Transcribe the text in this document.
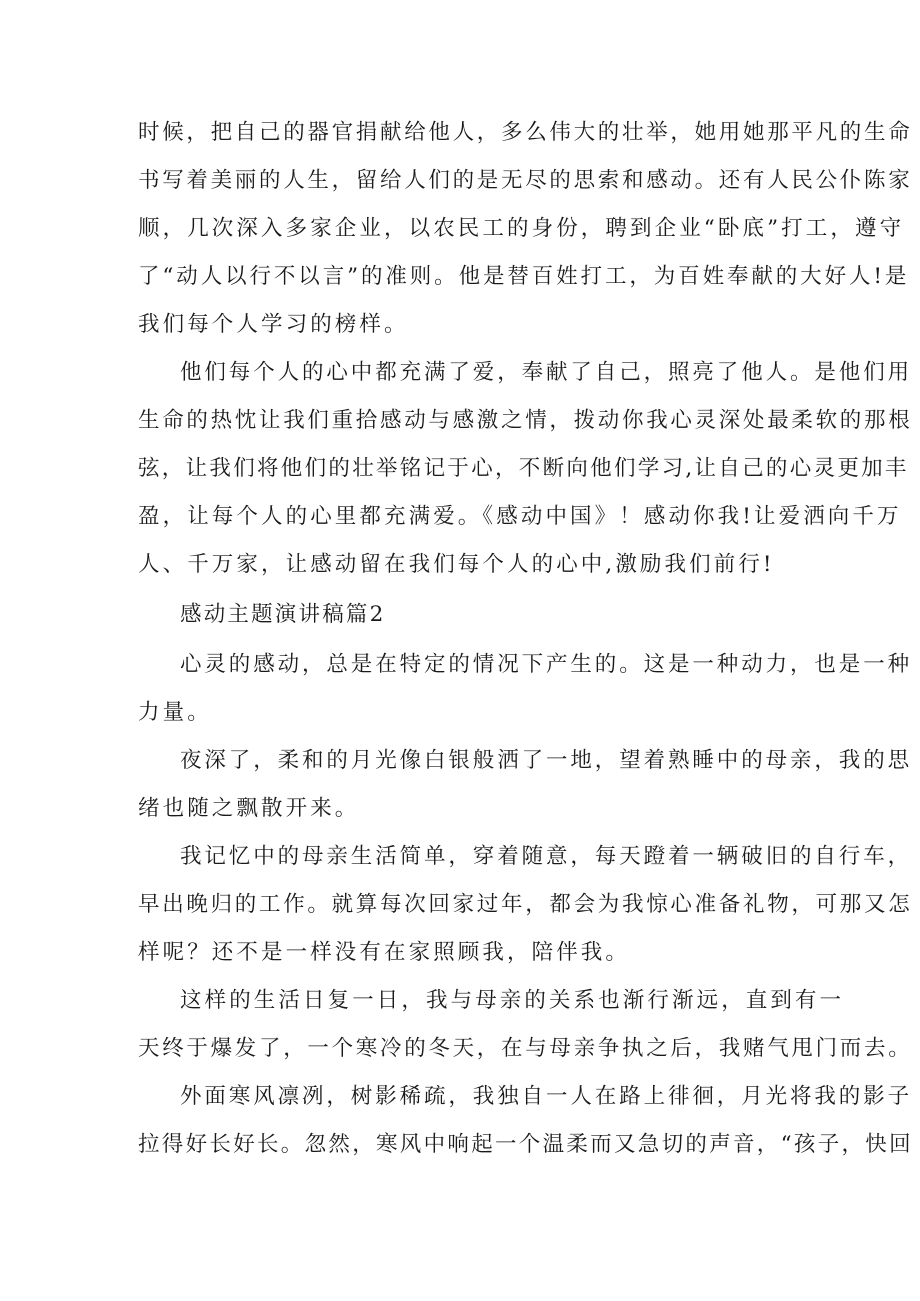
时候，把自己的器官捐献给他人，多么伟大的壮举，她用她那平凡的生命
书写着美丽的人生，留给人们的是无尽的思索和感动。还有人民公仆陈家
顺，几次深入多家企业，以农民工的身份，聘到企业“卧底”打工，遵守
了“动人以行不以言”的准则。他是替百姓打工，为百姓奉献的大好人!是
我们每个人学习的榜样。
他们每个人的心中都充满了爱，奉献了自己，照亮了他人。是他们用
生命的热忱让我们重拾感动与感激之情，拨动你我心灵深处最柔软的那根
弦，让我们将他们的壮举铭记于心，不断向他们学习,让自己的心灵更加丰
盈，让每个人的心里都充满爱。《感动中国》！感动你我!让爱洒向千万
人、千万家，让感动留在我们每个人的心中,激励我们前行!
感动主题演讲稿篇2
心灵的感动，总是在特定的情况下产生的。这是一种动力，也是一种
力量。
夜深了，柔和的月光像白银般洒了一地，望着熟睡中的母亲，我的思
绪也随之飘散开来。
我记忆中的母亲生活简单，穿着随意，每天蹬着一辆破旧的自行车，
早出晚归的工作。就算每次回家过年，都会为我惊心准备礼物，可那又怎
样呢？还不是一样没有在家照顾我，陪伴我。
这样的生活日复一日，我与母亲的关系也渐行渐远，直到有一
天终于爆发了，一个寒冷的冬天，在与母亲争执之后，我赌气甩门而去。
外面寒风凛冽，树影稀疏，我独自一人在路上徘徊，月光将我的影子
拉得好长好长。忽然，寒风中响起一个温柔而又急切的声音，“孩子，快回
